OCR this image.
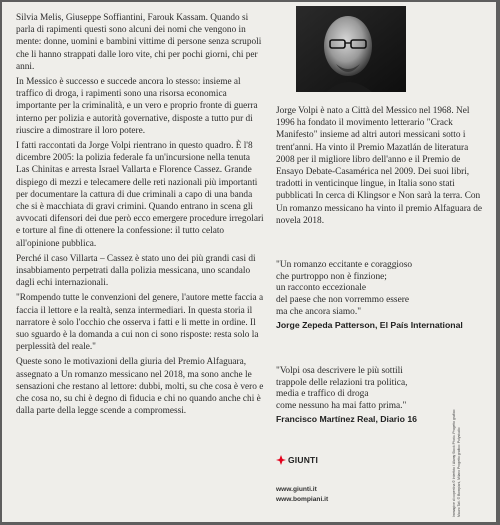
Silvia Melis, Giuseppe Soffiantini, Farouk Kassam. Quando si parla di rapimenti questi sono alcuni dei nomi che vengono in mente: donne, uomini e bambini vittime di persone senza scrupoli che li hanno strappati dalle loro vite, chi per pochi giorni, chi per anni.

In Messico è successo e succede ancora lo stesso: insieme al traffico di droga, i rapimenti sono una risorsa economica importante per la criminalità, e un vero e proprio fronte di guerra interno per polizia e autorità governative, disposte a tutto pur di riuscire a dimostrare il loro potere.

I fatti raccontati da Jorge Volpi rientrano in questo quadro. È l'8 dicembre 2005: la polizia federale fa un'incursione nella tenuta Las Chinitas e arresta Israel Vallarta e Florence Cassez. Grande dispiego di mezzi e telecamere delle reti nazionali più importanti per documentare la cattura di due criminali a capo di una banda che si è macchiata di gravi crimini. Quando entrano in scena gli avvocati difensori dei due però ecco emergere procedure irregolari e torture al fine di ottenere la confessione: il tutto celato all'opinione pubblica.

Perché il caso Villarta – Cassez è stato uno dei più grandi casi di insabbiamento perpetrati dalla polizia messicana, uno scandalo dagli echi internazionali.

"Rompendo tutte le convenzioni del genere, l'autore mette faccia a faccia il lettore e la realtà, senza intermediari. In questa storia il narratore è solo l'occhio che osserva i fatti e li mette in ordine. Il suo sguardo è la domanda a cui non ci sono risposte: resta solo la perplessità del reale."

Queste sono le motivazioni della giuria del Premio Alfaguara, assegnato a Un romanzo messicano nel 2018, ma sono anche le sensazioni che restano al lettore: dubbi, molti, su che cosa è vero e che cosa no, su chi è degno di fiducia e chi no quando anche chi è dalla parte della legge scende a compromessi.

Jorge Volpi è nato a Città del Messico nel 1968. Nel 1996 ha fondato il movimento letterario "Crack Manifesto" insieme ad altri autori messicani sotto i trent'anni. Ha vinto il Premio Mazatlán de literatura 2008 per il migliore libro dell'anno e il Premio de Ensayo Debate-Casamérica nel 2009. Dei suoi libri, tradotti in venticinque lingue, in Italia sono stati pubblicati In cerca di Klingsor e Non sarà la terra. Con Un romanzo messicano ha vinto il premio Alfaguara de novela 2018.
"Un romanzo eccitante e coraggioso
che purtroppo non è finzione;
un racconto eccezionale
del paese che non vorremmo essere
ma che ancora siamo."
Jorge Zepeda Patterson, El País International
"Volpi osa descrivere le più sottili
trappole delle relazioni tra politica,
media e traffico di droga
come nessuno ha mai fatto prima."
Francisco Martínez Real, Diario 16
GIUNTI
www.giunti.it
www.bompiani.it	Immagine di copertina © Interfoto / Alamy Stock Photo. Progetto grafico: Mauro Tati. © Bompiani, Milano Progetto grafico: Polystudio
